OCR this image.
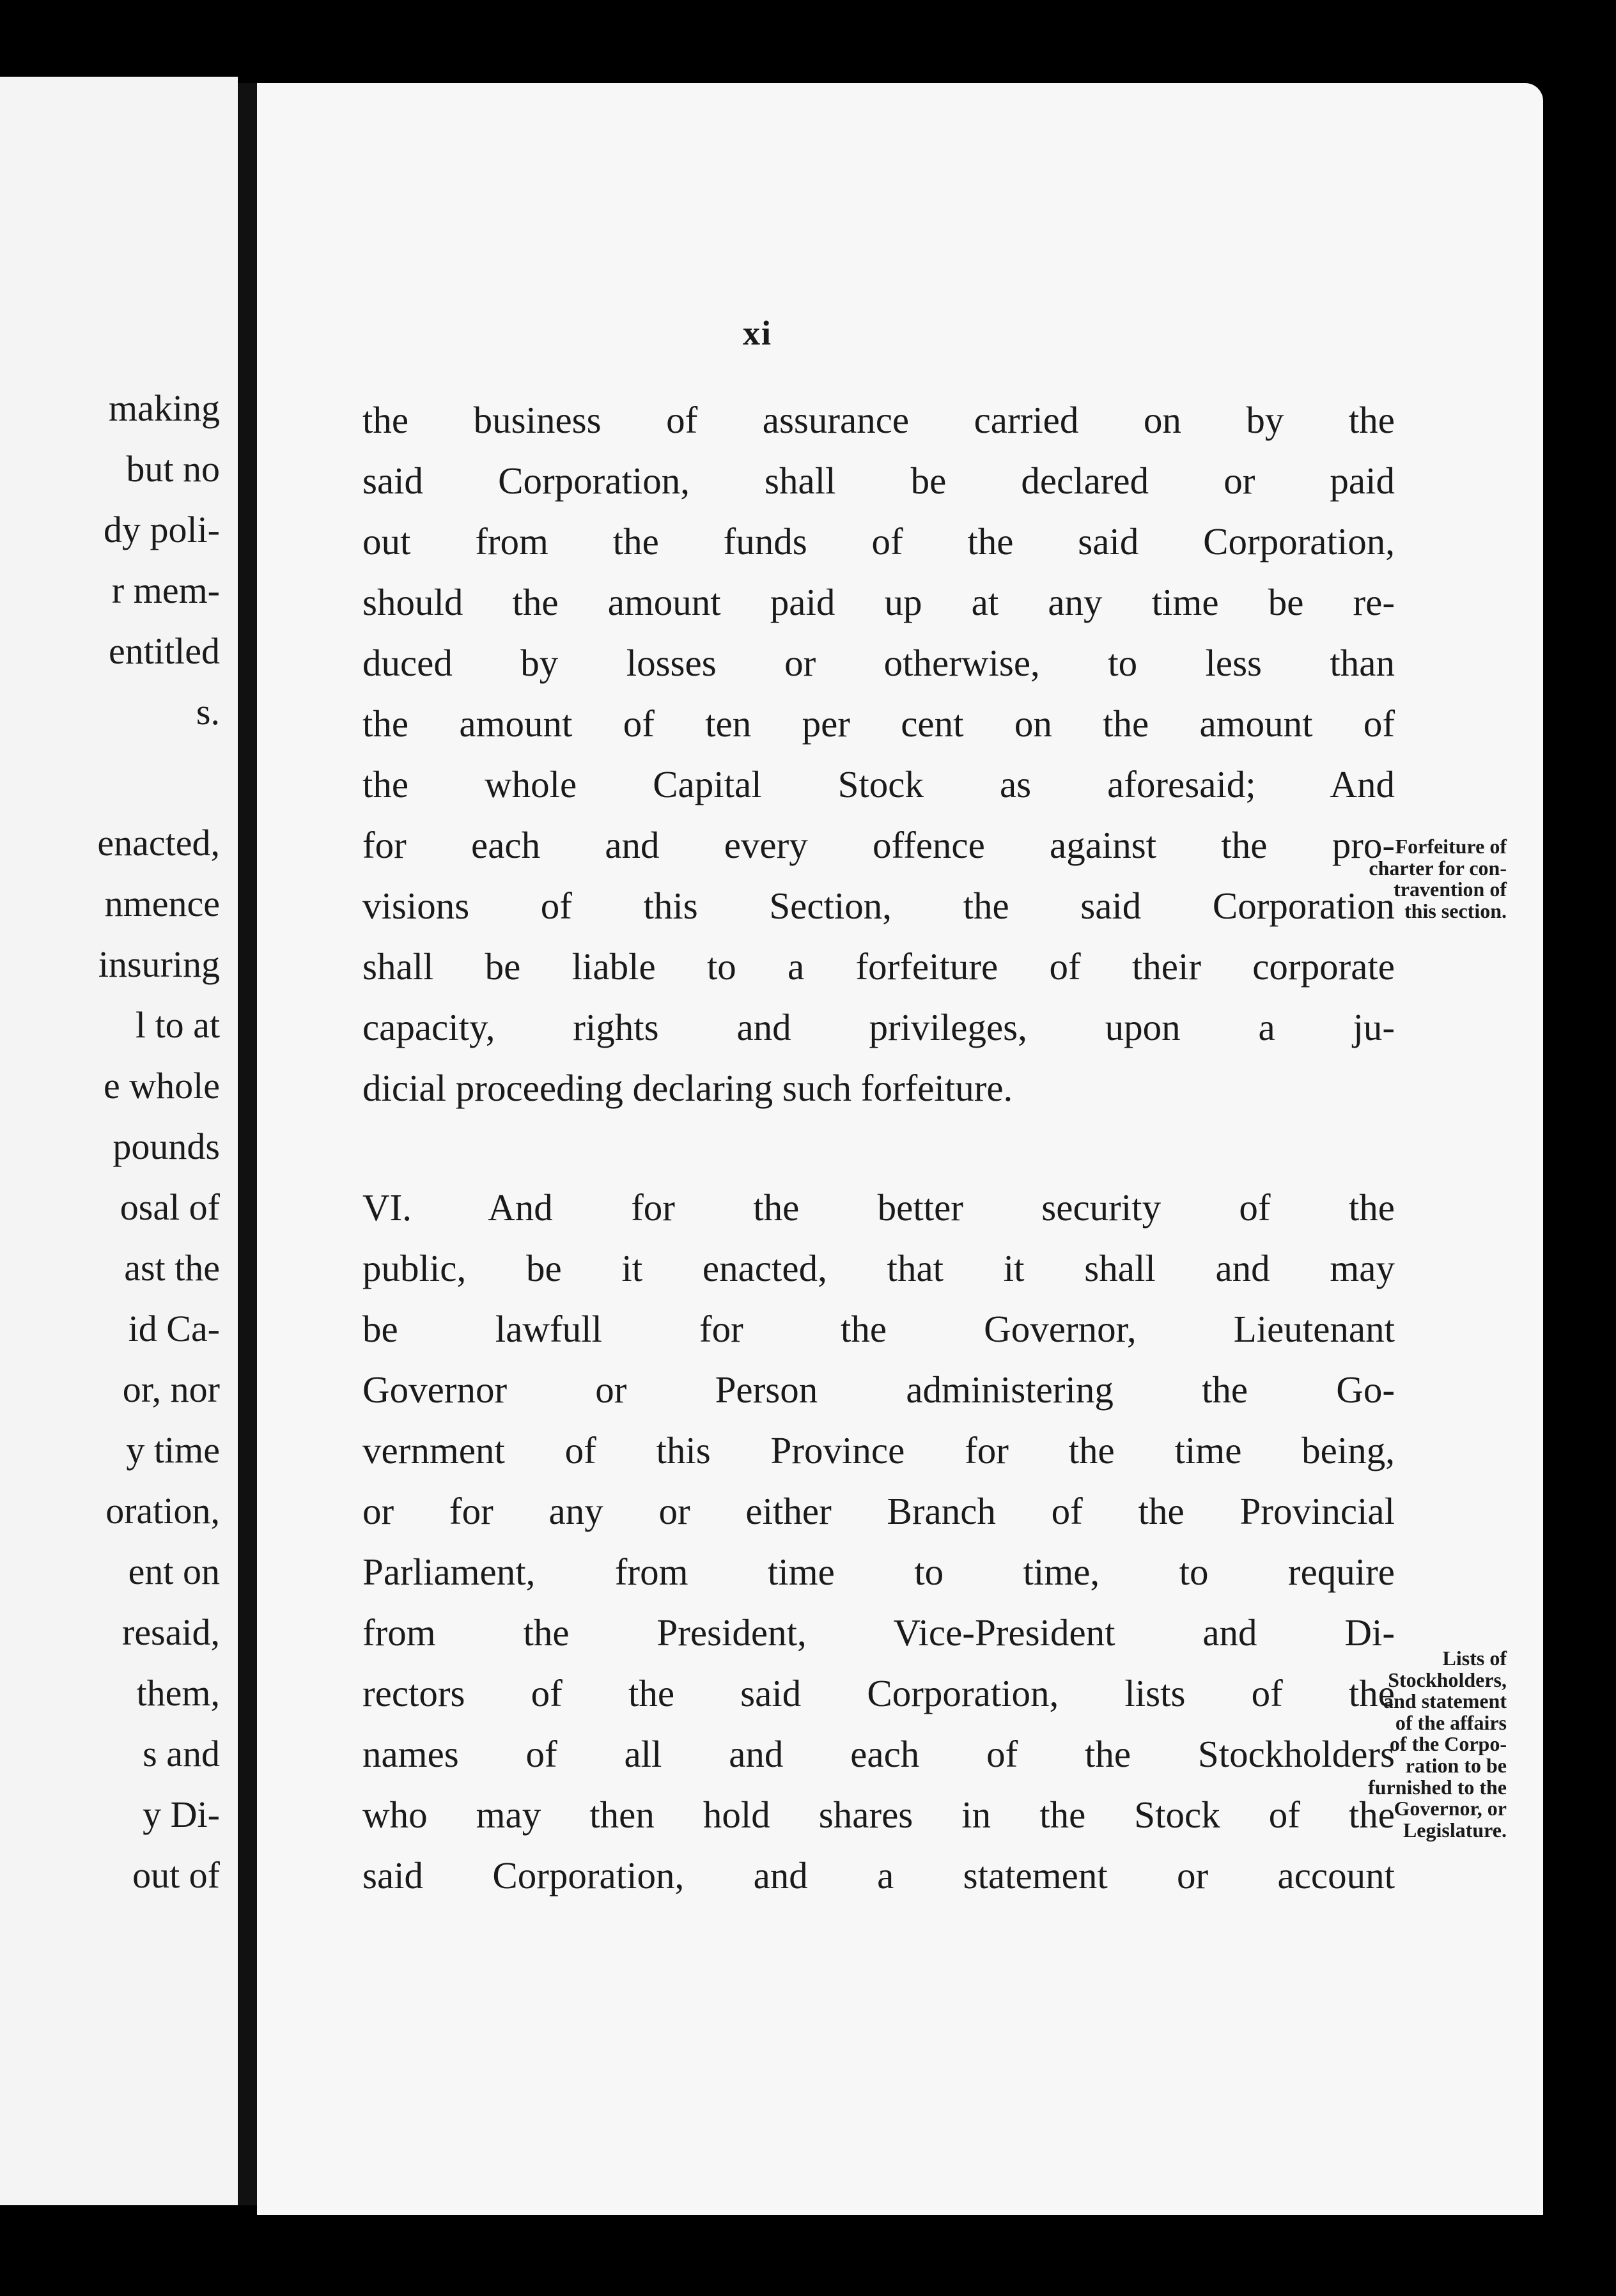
making
but no
dy poli-
r mem-
entitled
s.
enacted,
nmence
insuring
l to at
e whole
pounds
osal of
ast the
id Ca-
or, nor
y time
oration,
ent on
resaid,
them,
s and
y Di-
out of
xi
the business of assurance carried on by the
said Corporation, shall be declared or paid
out from the funds of the said Corporation,
should the amount paid up at any time be re-
duced by losses or otherwise, to less than
the amount of ten per cent on the amount of
the whole Capital Stock as aforesaid; And
for each and every offence against the pro-
visions of this Section, the said Corporation
shall be liable to a forfeiture of their corporate
capacity, rights and privileges, upon a ju-
dicial proceeding declaring such forfeiture.
VI. And for the better security of the
public, be it enacted, that it shall and may
be lawfull for the Governor, Lieutenant
Governor or Person administering the Go-
vernment of this Province for the time being,
or for any or either Branch of the Provincial
Parliament, from time to time, to require
from the President, Vice-President and Di-
rectors of the said Corporation, lists of the
names of all and each of the Stockholders
who may then hold shares in the Stock of the
said Corporation, and a statement or account
Forfeiture of
charter for con-
travention of
this section.
Lists of
Stockholders,
and statement
of the affairs
of the Corpo-
ration to be
furnished to the
Governor, or
Legislature.
